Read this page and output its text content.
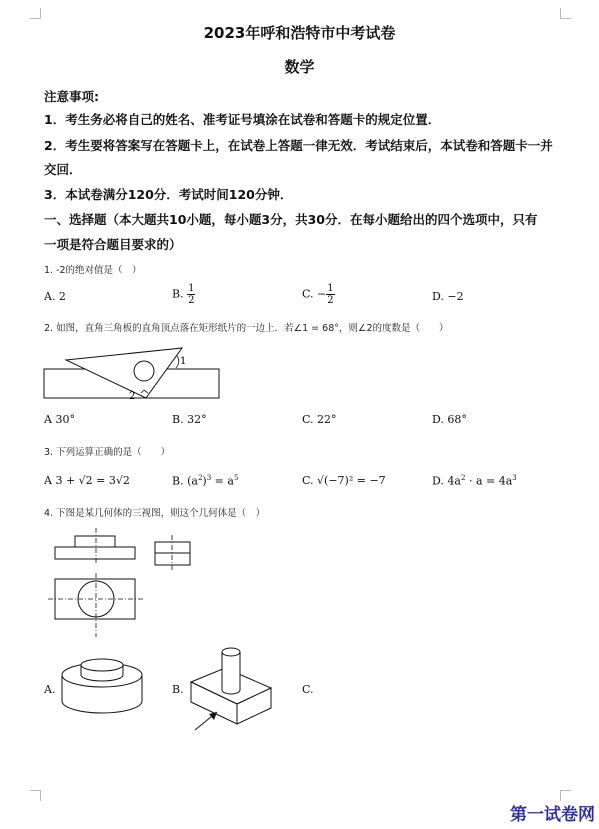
2023年呼和浩特市中考试卷
数学
注意事项:
1．考生务必将自己的姓名、准考证号填涂在试卷和答题卡的规定位置．
2．考生要将答案写在答题卡上，在试卷上答题一律无效．考试结束后，本试卷和答题卡一并
交回．
3．本试卷满分120分．考试时间120分钟．
一、选择题（本大题共10小题，每小题3分，共30分．在每小题给出的四个选项中，只有
一项是符合题目要求的）
1. -2的绝对值是（　）
A. 2	B. $\frac{1}{2}$	C. − $\frac{1}{2}$	D. −2
2. 如图，直角三角板的直角顶点落在矩形纸片的一边上．若∠1 = 68°，则∠2的度数是（　　）
1
2
A 30°	B. 32°	C. 22°	D. 68°
3. 下列运算正确的是（　　）
A 3 + √2 = 3√2	B. $(a^2)^3 = a^5$	C. √(−7)² = −7	D. $4a^2 \cdot a = 4a^3$
4. 下图是某几何体的三视图，则这个几何体是（　）
A.	B.	C.
第一试卷网
